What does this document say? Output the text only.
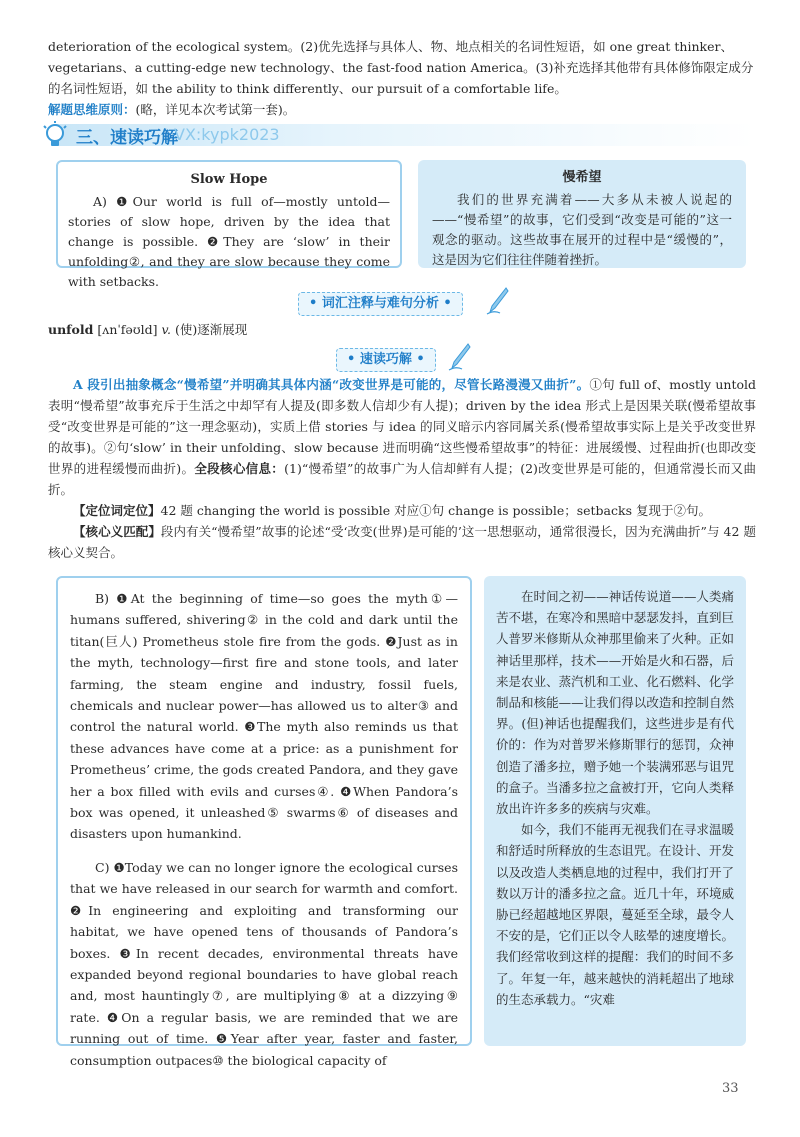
deterioration of the ecological system。(2)优先选择与具体人、物、地点相关的名词性短语，如 one great thinker、vegetarians、a cutting-edge new technology、the fast-food nation America。(3)补充选择其他带有具体修饰限定成分的名词性短语，如 the ability to think differently、our pursuit of a comfortable life。

解题思维原则：(略，详见本次考试第一套)。

三、速读巧解
VX:kypk2023
Slow Hope

A) ❶Our world is full of—mostly untold—stories of slow hope, driven by the idea that change is possible. ❷They are ‘slow’ in their unfolding②, and they are slow because they come with setbacks.

慢希望

我们的世界充满着——大多从未被人说起的——“慢希望”的故事，它们受到“改变是可能的”这一观念的驱动。这些故事在展开的过程中是“缓慢的”，这是因为它们往往伴随着挫折。

• 词汇注释与难句分析 •
unfold [ʌnˈfəʊld] v. (使)逐渐展现
• 速读巧解 •

A 段引出抽象概念“慢希望”并明确其具体内涵“改变世界是可能的，尽管长路漫漫又曲折”。①句 full of、mostly untold 表明“慢希望”故事充斥于生活之中却罕有人提及(即多数人信却少有人提)；driven by the idea 形式上是因果关联(慢希望故事受“改变世界是可能的”这一理念驱动)，实质上借 stories 与 idea 的同义暗示内容同属关系(慢希望故事实际上是关乎改变世界的故事)。②句‘slow’ in their unfolding、slow because 进而明确“这些慢希望故事”的特征：进展缓慢、过程曲折(也即改变世界的进程缓慢而曲折)。全段核心信息：(1)“慢希望”的故事广为人信却鲜有人提；(2)改变世界是可能的，但通常漫长而又曲折。

【定位词定位】42 题 changing the world is possible 对应①句 change is possible；setbacks 复现于②句。

【核心义匹配】段内有关“慢希望”故事的论述“受‘改变(世界)是可能的’这一思想驱动，通常很漫长，因为充满曲折”与 42 题核心义契合。

B) ❶At the beginning of time—so goes the myth①—humans suffered, shivering② in the cold and dark until the titan(巨人) Prometheus stole fire from the gods. ❷Just as in the myth, technology—first fire and stone tools, and later farming, the steam engine and industry, fossil fuels, chemicals and nuclear power—has allowed us to alter③ and control the natural world. ❸The myth also reminds us that these advances have come at a price: as a punishment for Prometheus’ crime, the gods created Pandora, and they gave her a box filled with evils and curses④. ❹When Pandora’s box was opened, it unleashed⑤ swarms⑥ of diseases and disasters upon humankind.

C) ❶Today we can no longer ignore the ecological curses that we have released in our search for warmth and comfort. ❷In engineering and exploiting and transforming our habitat, we have opened tens of thousands of Pandora’s boxes. ❸In recent decades, environmental threats have expanded beyond regional boundaries to have global reach and, most hauntingly⑦, are multiplying⑧ at a dizzying⑨ rate. ❹On a regular basis, we are reminded that we are running out of time. ❺Year after year, faster and faster, consumption outpaces⑩ the biological capacity of

在时间之初——神话传说道——人类痛苦不堪，在寒冷和黑暗中瑟瑟发抖，直到巨人普罗米修斯从众神那里偷来了火种。正如神话里那样，技术——开始是火和石器，后来是农业、蒸汽机和工业、化石燃料、化学制品和核能——让我们得以改造和控制自然界。(但)神话也提醒我们，这些进步是有代价的：作为对普罗米修斯罪行的惩罚，众神创造了潘多拉，赠予她一个装满邪恶与诅咒的盒子。当潘多拉之盒被打开，它向人类释放出许许多多的疾病与灾难。

如今，我们不能再无视我们在寻求温暖和舒适时所释放的生态诅咒。在设计、开发以及改造人类栖息地的过程中，我们打开了数以万计的潘多拉之盒。近几十年，环境威胁已经超越地区界限，蔓延至全球，最令人不安的是，它们正以令人眩晕的速度增长。我们经常收到这样的提醒：我们的时间不多了。年复一年，越来越快的消耗超出了地球的生态承载力。“灾难

33
